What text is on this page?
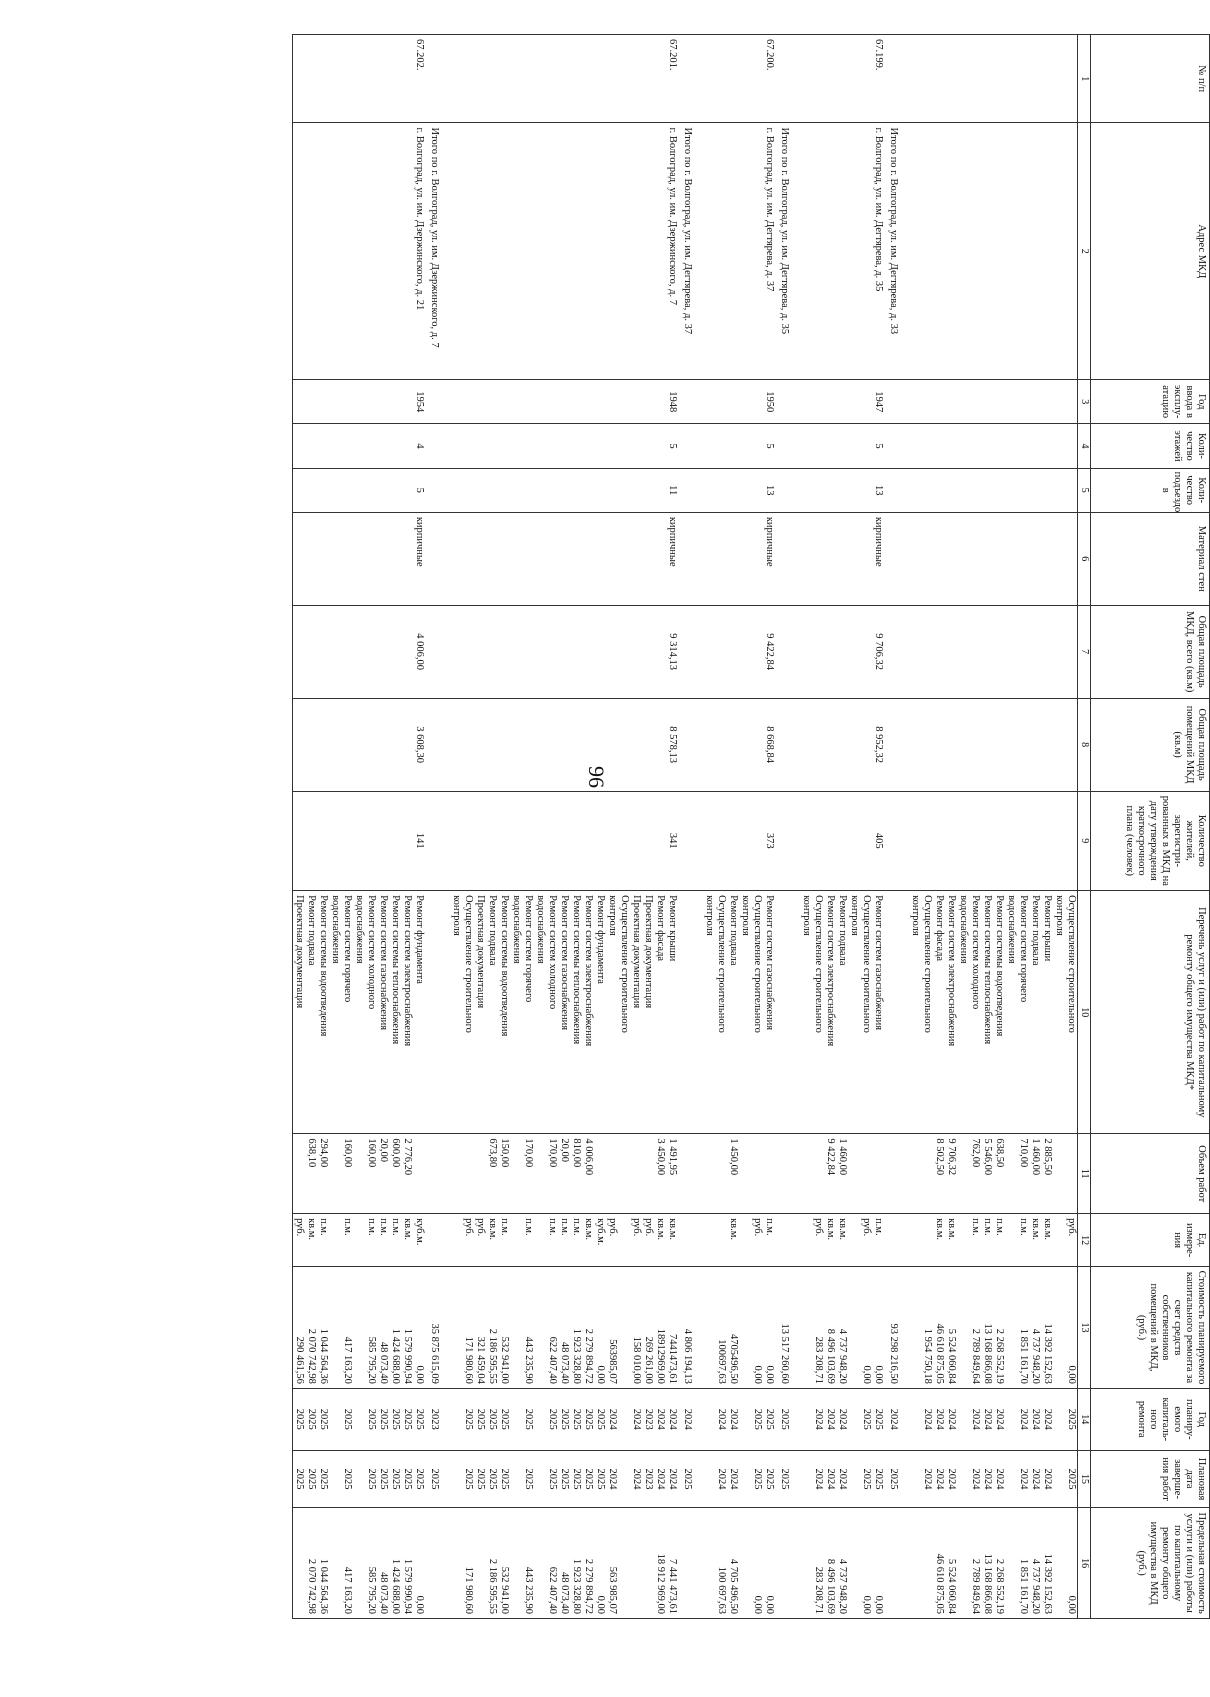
96
№ п/п	Адрес МКД	Год ввода в эксплу-атацию	Коли-чество этажей	Коли-чество подъездо в	Материал стен	Общая площадь МКД, всего (кв.м)	Общая площадь помещений МКД (кв.м)	Количество жителей, зарегистри-рованных в МКД на дату утверждения краткосрочного плана (человек)	Перечень услуг и (или) работ по капитальному ремонту общего имущества МКД*	Объем работ	Ед. измере-ния	Стоимость планируемого капитального ремонта за счет средств собственников помещений в МКД, (руб.)	Год планиру-емого капиталь-ного ремонта	Плановая дата заверше-ния работ	Предельная стоимость услуги и (или) работы по капитальному ремонту общего имущества в МКД (руб.)
1	2	3	4	5	6	7	8	9	10	11	12	13	14	15	16
									Осуществление строительного		руб.	0,00	2025	2025	0,00
									контроля						
									Ремонт крыши	2 885,50	кв.м.	14 392 152,63	2024	2024	14 392 152,63
									Ремонт подвала	1 460,00	кв.м.	4 737 948,20	2024	2024	4 737 948,20
									Ремонт систем горячего	710,00	п.м.	1 851 161,70	2024	2024	1 851 161,70
									водоснабжения						
									Ремонт системы водоотведения	638,50	п.м.	2 268 552,19	2024	2024	2 268 552,19
									Ремонт системы теплоснабжения	5 546,00	п.м.	13 168 866,08	2024	2024	13 168 866,08
									Ремонт систем холодного	762,00	п.м.	2 789 849,64	2024	2024	2 789 849,64
									водоснабжения						
									Ремонт систем электроснабжения	9 706,32	кв.м.	5 524 060,84	2024	2024	5 524 060,84
									Ремонт фасада	8 502,50	кв.м.	46 610 875,05	2024	2024	46 610 875,05
									Осуществление строительного			1 954 750,18	2024	2024	
									контроля						
	Итого по г. Волгоград, ул. им. Дегтярева, д. 33											93 298 216,50	2024	2025	
67.199.	г. Волгоград, ул. им. Дегтярева, д. 35	1947	5	13	кирпичные	9 706,32	8 952,32	405	Ремонт систем газоснабжения		п.м.	0,00	2025	2025	0,00
									Осуществление строительного		руб.	0,00	2025	2025	0,00
									контроля						
									Ремонт подвала	1 460,00	кв.м.	4 737 948,20	2024	2024	4 737 948,20
									Ремонт систем электроснабжения	9 422,84	кв.м.	8 496 103,69	2024	2024	8 496 103,69
									Осуществление строительного		руб.	283 208,71	2024	2024	283 208,71
									контроля						
	Итого по г. Волгоград, ул. им. Дегтярева, д. 35											13 517 260,60	2025	2025	
67.200.	г. Волгоград, ул. им. Дегтярева, д. 37	1950	5	13	кирпичные	9 422,84	8 668,84	373	Ремонт систем газоснабжения		п.м.	0,00	2025	2025	0,00
									Осуществление строительного		руб.	0,00	2025	2025	0,00
									контроля						
									Ремонт подвала	1 450,00	кв.м.	4705496,50	2024	2024	4 705 496,50
									Осуществление строительного			100697,63	2024	2024	100 697,63
									контроля						
	Итого по г. Волгоград, ул. им. Дегтярева, д. 37											4 806 194,13	2024	2025	
67.201.	г. Волгоград, ул. им. Дзержинского, д. 7	1948	5	11	кирпичные	9 314,13	8 578,13	341	Ремонт крыши	1 491,95	кв.м.	7441473,61	2024	2024	7 441 473,61
									Ремонт фасада	3 450,00	кв.м.	18912969,00	2024	2024	18 912 969,00
									Проектная документация		руб.	269 261,00	2023	2023	
									Проектная документация		руб.	158 010,00	2024	2024	
									Осуществление строительного						
									контроля		руб.	563985,07	2024	2024	563 985,07
									Ремонт фундамента		куб.м.	0,00	2025	2025	0,00
									Ремонт систем электроснабжения	4 006,00	кв.м.	2 279 894,72	2025	2025	2 279 894,72
									Ремонт системы теплоснабжения	810,00	п.м.	1 923 328,80	2025	2025	1 923 328,80
									Ремонт систем газоснабжения	20,00	п.м.	48 073,40	2025	2025	48 073,40
									Ремонт систем холодного	170,00	п.м.	622 407,40	2025	2025	622 407,40
									водоснабжения						
									Ремонт систем горячего	170,00	п.м.	443 235,90	2025	2025	443 235,90
									водоснабжения						
									Ремонт системы водоотведения	150,00	п.м.	532 941,00	2025	2025	532 941,00
									Ремонт подвала	673,80	кв.м.	2 186 595,55	2025	2025	2 186 595,55
									Проектная документация		руб.	321 459,04	2025	2025	
									Осуществление строительного		руб.	171 980,60	2025	2025	171 980,60
									контроля						
	Итого по г. Волгоград, ул. им. Дзержинского, д. 7											35 875 615,09	2023	2025	
67.202.	г. Волгоград, ул. им. Дзержинского, д. 21	1954	4	5	кирпичные	4 006,00	3 608,30	141	Ремонт фундамента		куб.м.	0,00	2025	2025	0,00
									Ремонт систем электроснабжения	2 776,20	кв.м.	1 579 990,94	2025	2025	1 579 990,94
									Ремонт системы теплоснабжения	600,00	п.м.	1 424 688,00	2025	2025	1 424 688,00
									Ремонт систем газоснабжения	20,00	п.м.	48 073,40	2025	2025	48 073,40
									Ремонт систем холодного	160,00	п.м.	585 795,20	2025	2025	585 795,20
									водоснабжения						
									Ремонт систем горячего	160,00	п.м.	417 163,20	2025	2025	417 163,20
									водоснабжения						
									Ремонт системы водоотведения	294,00	п.м.	1 044 564,36	2025	2025	1 044 564,36
									Ремонт подвала	638,10	кв.м.	2 070 742,98	2025	2025	2 070 742,98
									Проектная документация		руб.	290 461,56	2025	2025	
